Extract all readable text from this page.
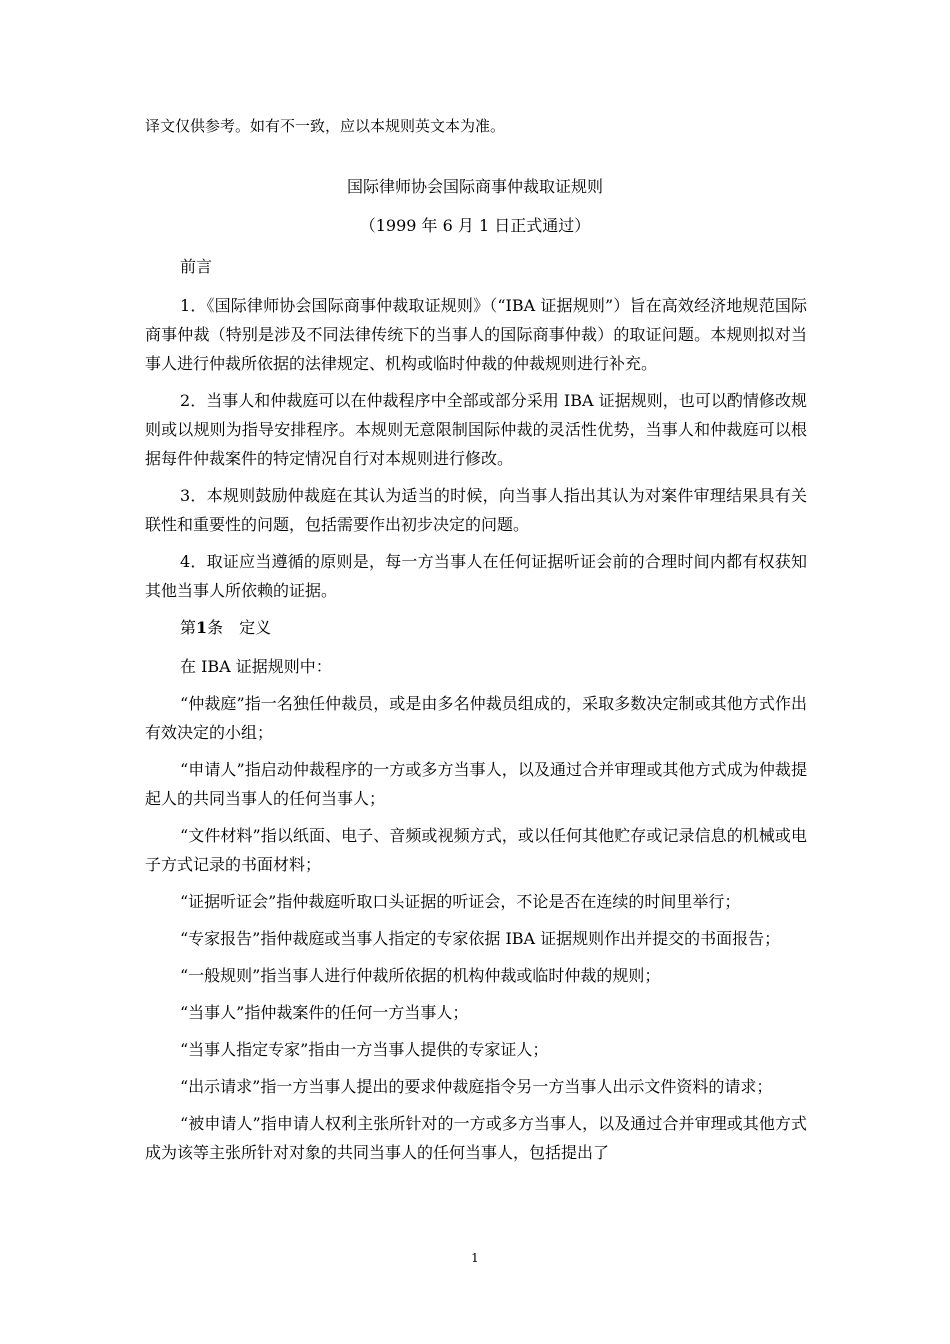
译文仅供参考。如有不一致，应以本规则英文本为准。
国际律师协会国际商事仲裁取证规则
（1999 年 6 月 1 日正式通过）

前言

1．《国际律师协会国际商事仲裁取证规则》（“IBA 证据规则”）旨在高效经济地规范国际商事仲裁（特别是涉及不同法律传统下的当事人的国际商事仲裁）的取证问题。本规则拟对当事人进行仲裁所依据的法律规定、机构或临时仲裁的仲裁规则进行补充。

2．当事人和仲裁庭可以在仲裁程序中全部或部分采用 IBA 证据规则，也可以酌情修改规则或以规则为指导安排程序。本规则无意限制国际仲裁的灵活性优势，当事人和仲裁庭可以根据每件仲裁案件的特定情况自行对本规则进行修改。

3．本规则鼓励仲裁庭在其认为适当的时候，向当事人指出其认为对案件审理结果具有关联性和重要性的问题，包括需要作出初步决定的问题。

4．取证应当遵循的原则是，每一方当事人在任何证据听证会前的合理时间内都有权获知其他当事人所依赖的证据。

第1条　定义

在 IBA 证据规则中：

“仲裁庭”指一名独任仲裁员，或是由多名仲裁员组成的，采取多数决定制或其他方式作出有效决定的小组；

“申请人”指启动仲裁程序的一方或多方当事人，以及通过合并审理或其他方式成为仲裁提起人的共同当事人的任何当事人；

“文件材料”指以纸面、电子、音频或视频方式，或以任何其他贮存或记录信息的机械或电子方式记录的书面材料；

“证据听证会”指仲裁庭听取口头证据的听证会，不论是否在连续的时间里举行；

“专家报告”指仲裁庭或当事人指定的专家依据 IBA 证据规则作出并提交的书面报告；

“一般规则”指当事人进行仲裁所依据的机构仲裁或临时仲裁的规则；

“当事人”指仲裁案件的任何一方当事人；

“当事人指定专家”指由一方当事人提供的专家证人；

“出示请求”指一方当事人提出的要求仲裁庭指令另一方当事人出示文件资料的请求；

“被申请人”指申请人权利主张所针对的一方或多方当事人，以及通过合并审理或其他方式成为该等主张所针对对象的共同当事人的任何当事人，包括提出了

1
